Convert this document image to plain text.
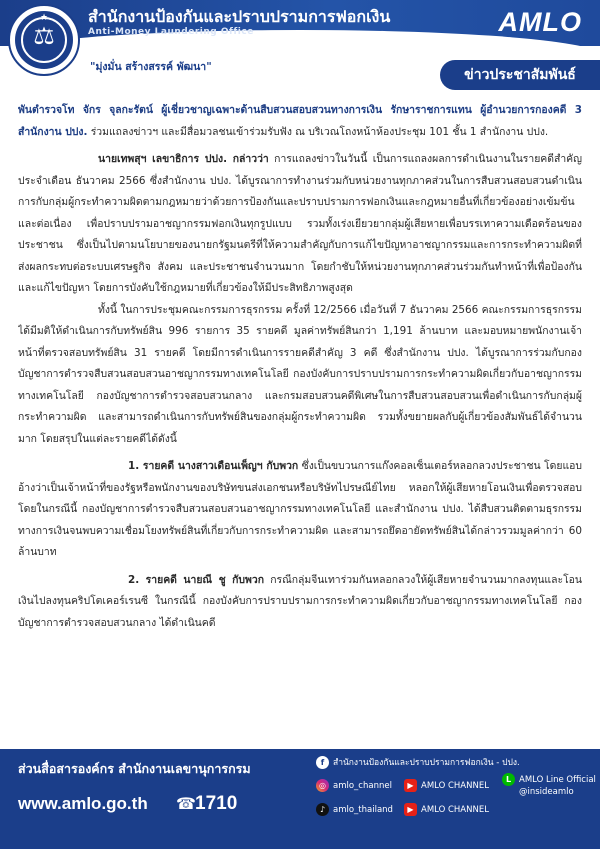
★
⚖
สำนักงานป้องกันและปราบปรามการฟอกเงิน
Anti-Money Laundering Office	AMLO
"มุ่งมั่น สร้างสรรค์ พัฒนา"	ข่าวประชาสัมพันธ์

พันตำรวจโท จักร จุลกะรัตน์ ผู้เชี่ยวชาญเฉพาะด้านสืบสวนสอบสวนทางการเงิน รักษาราชการแทน ผู้อำนวยการกองคดี 3 สำนักงาน ปปง. ร่วมแถลงข่าวฯ และมีสื่อมวลชนเข้าร่วมรับฟัง ณ บริเวณโถงหน้าห้องประชุม 101 ชั้น 1 สำนักงาน ปปง.

นายเทพสุฯ เลขาธิการ ปปง. กล่าวว่า การแถลงข่าวในวันนี้ เป็นการแถลงผลการดำเนินงานในรายคดีสำคัญ ประจำเดือน ธันวาคม 2566 ซึ่งสำนักงาน ปปง. ได้บูรณาการทำงานร่วมกับหน่วยงานทุกภาคส่วนในการสืบสวนสอบสวนดำเนินการกับกลุ่มผู้กระทำความผิดตามกฎหมายว่าด้วยการป้องกันและปราบปรามการฟอกเงินและกฎหมายอื่นที่เกี่ยวข้องอย่างเข้มข้นและต่อเนื่อง เพื่อปราบปรามอาชญากรรมฟอกเงินทุกรูปแบบ รวมทั้งเร่งเยียวยากลุ่มผู้เสียหายเพื่อบรรเทาความเดือดร้อนของประชาชน ซึ่งเป็นไปตามนโยบายของนายกรัฐมนตรีที่ให้ความสำคัญกับการแก้ไขปัญหาอาชญากรรมและการกระทำความผิดที่ส่งผลกระทบต่อระบบเศรษฐกิจ สังคม และประชาชนจำนวนมาก โดยกำชับให้หน่วยงานทุกภาคส่วนร่วมกันทำหน้าที่เพื่อป้องกันและแก้ไขปัญหา โดยการบังคับใช้กฎหมายที่เกี่ยวข้องให้มีประสิทธิภาพสูงสุด

ทั้งนี้ ในการประชุมคณะกรรมการธุรกรรม ครั้งที่ 12/2566 เมื่อวันที่ 7 ธันวาคม 2566 คณะกรรมการธุรกรรมได้มีมติให้ดำเนินการกับทรัพย์สิน 996 รายการ 35 รายคดี มูลค่าทรัพย์สินกว่า 1,191 ล้านบาท และมอบหมายพนักงานเจ้าหน้าที่ตรวจสอบทรัพย์สิน 31 รายคดี โดยมีการดำเนินการรายคดีสำคัญ 3 คดี ซึ่งสำนักงาน ปปง. ได้บูรณาการร่วมกับกองบัญชาการตำรวจสืบสวนสอบสวนอาชญากรรมทางเทคโนโลยี กองบังคับการปราบปรามการกระทำความผิดเกี่ยวกับอาชญากรรมทางเทคโนโลยี กองบัญชาการตำรวจสอบสวนกลาง และกรมสอบสวนคดีพิเศษในการสืบสวนสอบสวนเพื่อดำเนินการกับกลุ่มผู้กระทำความผิด และสามารถดำเนินการกับทรัพย์สินของกลุ่มผู้กระทำความผิด รวมทั้งขยายผลกับผู้เกี่ยวข้องสัมพันธ์ได้จำนวนมาก โดยสรุปในแต่ละรายคดีได้ดังนี้

1. รายคดี นางสาวเดือนเพ็ญฯ กับพวก ซึ่งเป็นขบวนการแก๊งคอลเซ็นเตอร์หลอกลวงประชาชน โดยแอบอ้างว่าเป็นเจ้าหน้าที่ของรัฐหรือพนักงานของบริษัทขนส่งเอกชนหรือบริษัทไปรษณีย์ไทย หลอกให้ผู้เสียหายโอนเงินเพื่อตรวจสอบ โดยในกรณีนี้ กองบัญชาการตำรวจสืบสวนสอบสวนอาชญากรรมทางเทคโนโลยี และสำนักงาน ปปง. ได้สืบสวนติดตามธุรกรรมทางการเงินจนพบความเชื่อมโยงทรัพย์สินที่เกี่ยวกับการกระทำความผิด และสามารถยึดอายัดทรัพย์สินได้กล่าวรวมมูลค่ากว่า 60 ล้านบาท

2. รายคดี นายณี ชู กับพวก กรณีกลุ่มจีนเทาร่วมกันหลอกลวงให้ผู้เสียหายจำนวนมากลงทุนและโอนเงินไปลงทุนคริปโตเคอร์เรนซี ในกรณีนี้ กองบังคับการปราบปรามการกระทำความผิดเกี่ยวกับอาชญากรรมทางเทคโนโลยี กองบัญชาการตำรวจสอบสวนกลาง ได้ดำเนินคดี

ส่วนสื่อสารองค์กร สำนักงานเลขานุการกรม
www.amlo.go.th ☎ 1710
f สำนักงานป้องกันและปราบปรามการฟอกเงิน - ปปง.
◎ amlo_channel	▶ AMLO CHANNEL
L AMLO Line Official
@insideamlo
♪ amlo_thailand	▶ AMLO CHANNEL
